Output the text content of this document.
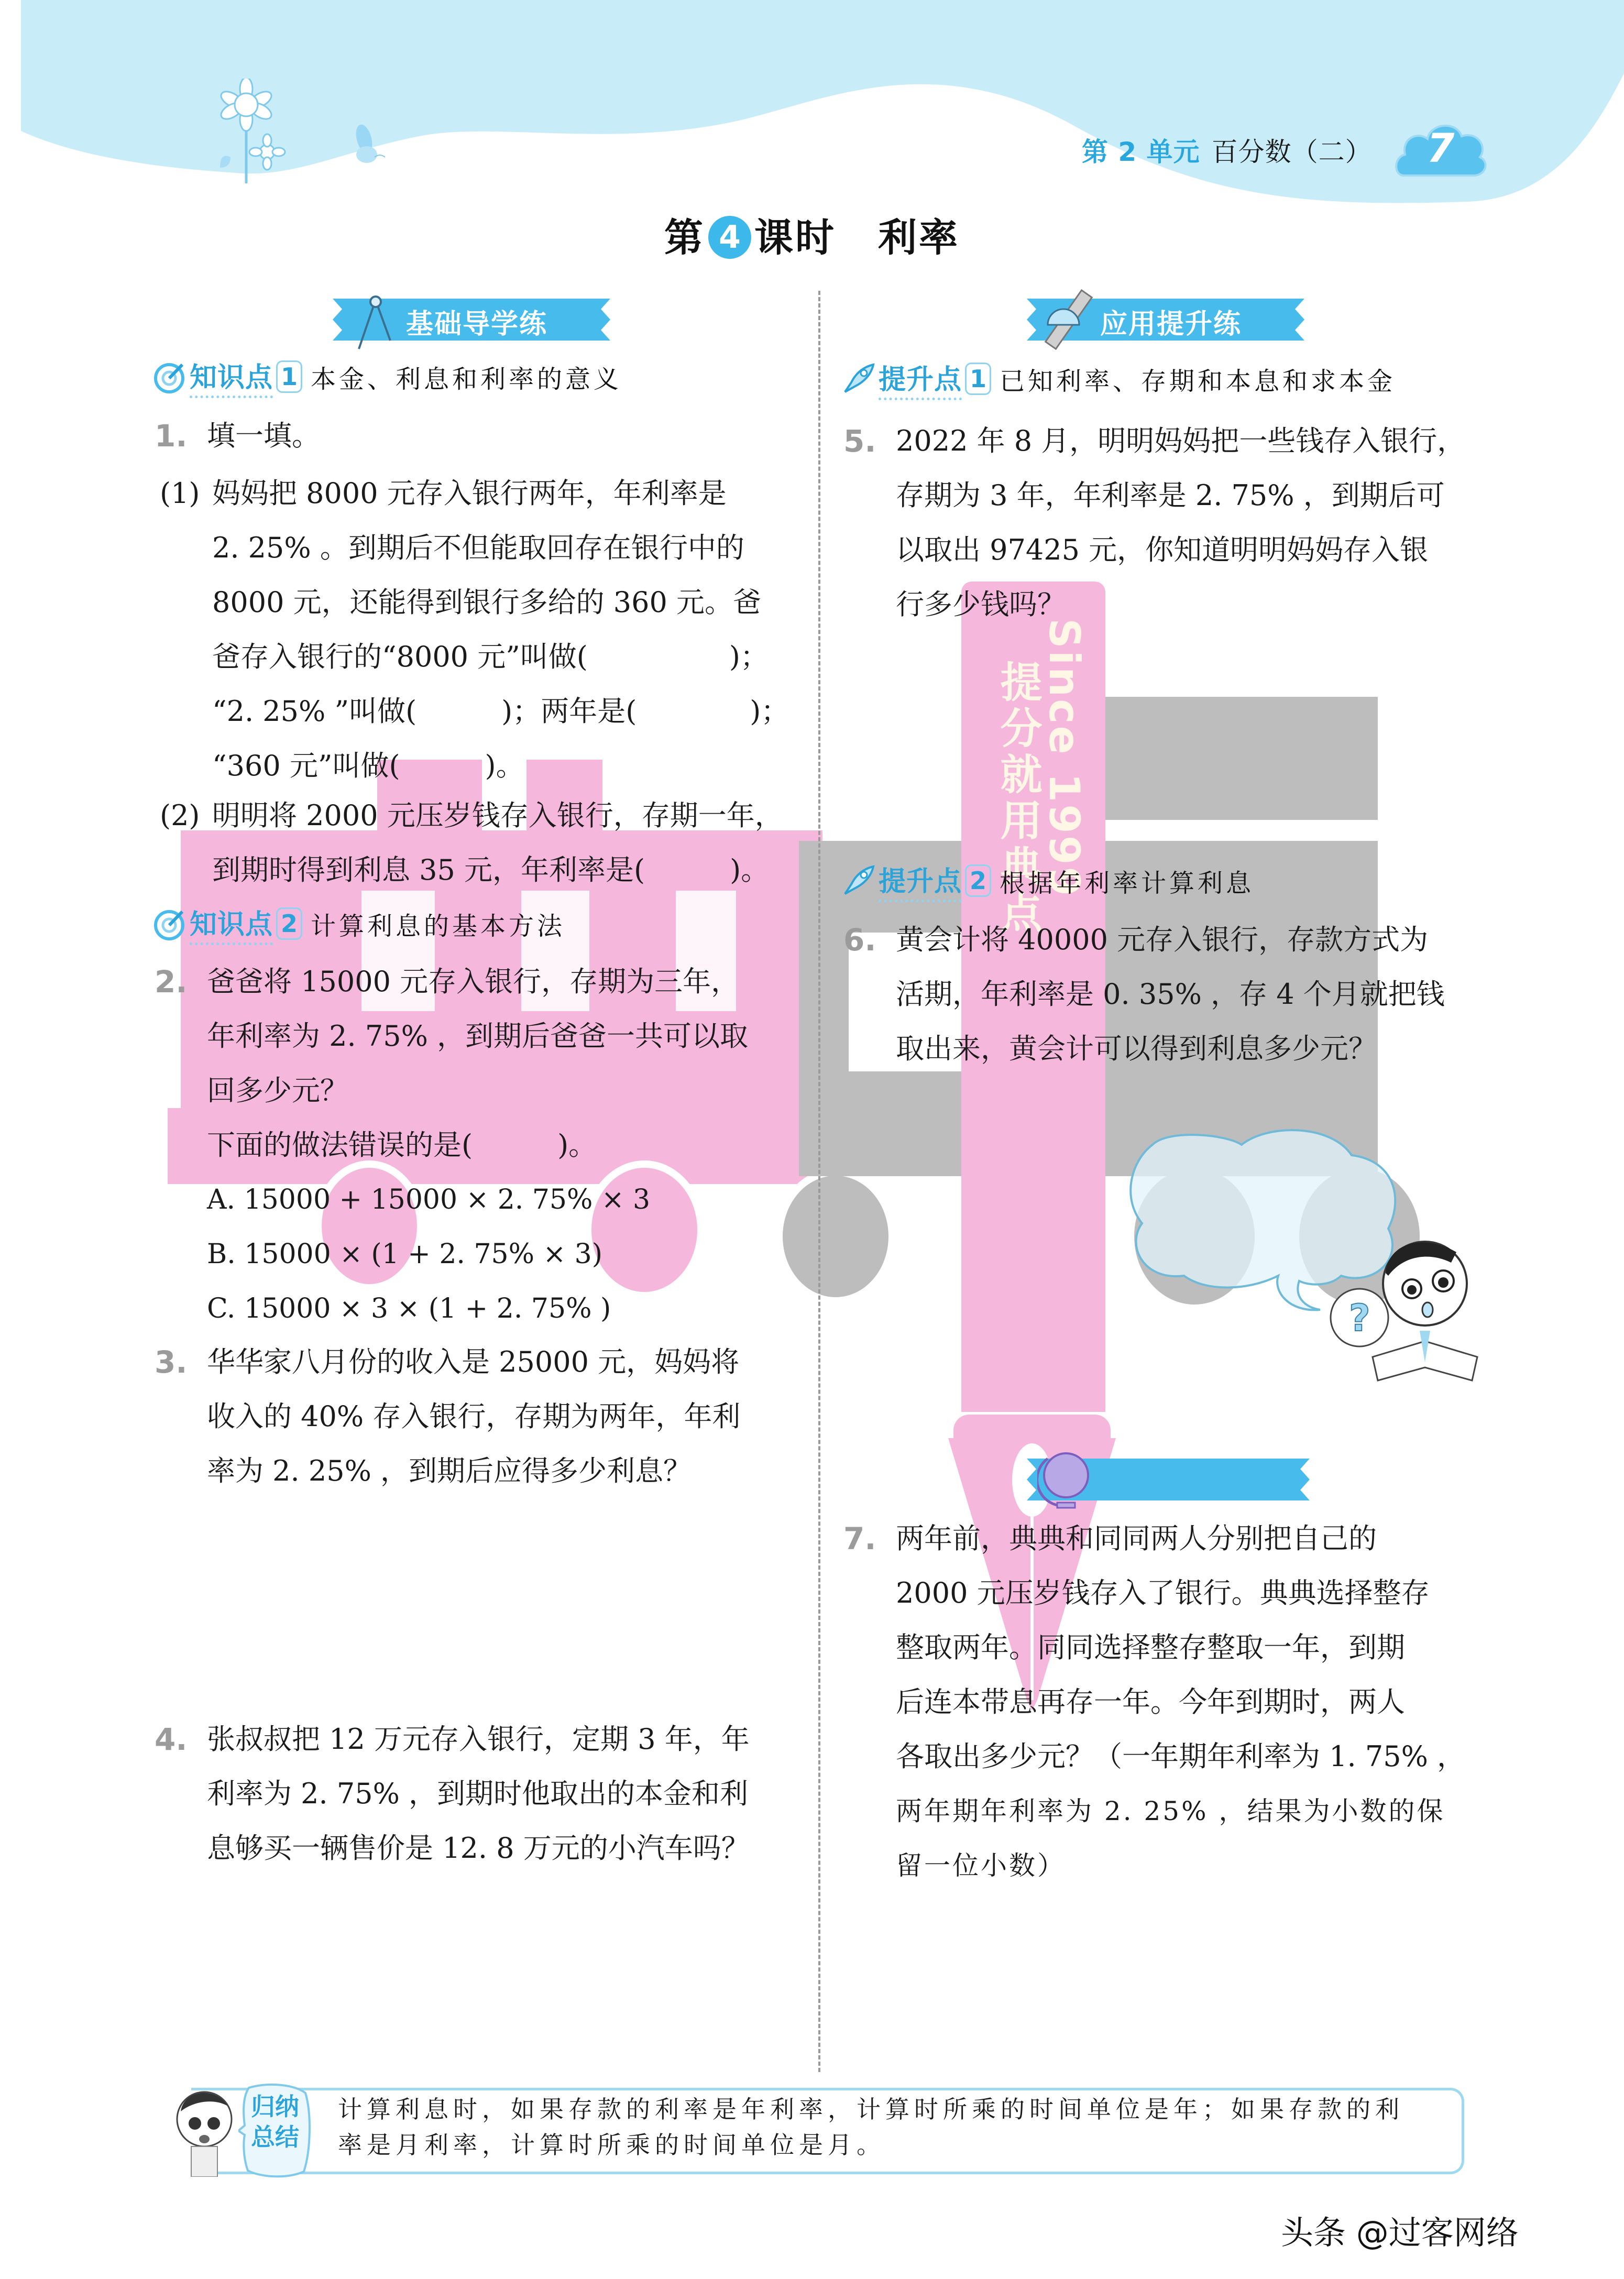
第 2 单元 百分数（二）	7
第 4 课时 利率
Since 1999
提分就用典点
基础导学练
知识点 1 本金、利息和利率的意义
1. 填一填。
(1) 妈妈把 8000 元存入银行两年，年利率是
2. 25% 。到期后不但能取回存在银行中的
8000 元，还能得到银行多给的 360 元。爸
爸存入银行的“8000 元”叫做(　　　　　)；
“2. 25% ”叫做(　　　)；两年是(　　　　)；
“360 元”叫做(　　　)。
(2) 明明将 2000 元压岁钱存入银行，存期一年，
到期时得到利息 35 元，年利率是(　　　)。
知识点 2 计算利息的基本方法
2. 爸爸将 15000 元存入银行，存期为三年，
年利率为 2. 75% ，到期后爸爸一共可以取
回多少元？
下面的做法错误的是(　　　)。
A. 15000 + 15000 × 2. 75% × 3
B. 15000 × (1 + 2. 75% × 3)
C. 15000 × 3 × (1 + 2. 75% )
3. 华华家八月份的收入是 25000 元，妈妈将
收入的 40% 存入银行，存期为两年，年利
率为 2. 25% ，到期后应得多少利息？
4. 张叔叔把 12 万元存入银行，定期 3 年，年
利率为 2. 75% ，到期时他取出的本金和利
息够买一辆售价是 12. 8 万元的小汽车吗？
应用提升练
提升点 1 已知利率、存期和本息和求本金
5. 2022 年 8 月，明明妈妈把一些钱存入银行，
存期为 3 年，年利率是 2. 75% ，到期后可
以取出 97425 元，你知道明明妈妈存入银
行多少钱吗？
提升点 2 根据年利率计算利息
6. 黄会计将 40000 元存入银行，存款方式为
活期，年利率是 0. 35% ，存 4 个月就把钱
取出来，黄会计可以得到利息多少元？
?
7. 两年前，典典和同同两人分别把自己的
2000 元压岁钱存入了银行。典典选择整存
整取两年。同同选择整存整取一年，到期
后连本带息再存一年。今年到期时，两人
各取出多少元？（一年期年利率为 1. 75% ，
两年期年利率为 2. 25% ，结果为小数的保
留一位小数）
归纳
总结
计算利息时，如果存款的利率是年利率，计算时所乘的时间单位是年；如果存款的利
率是月利率，计算时所乘的时间单位是月。
头条 @过客网络
